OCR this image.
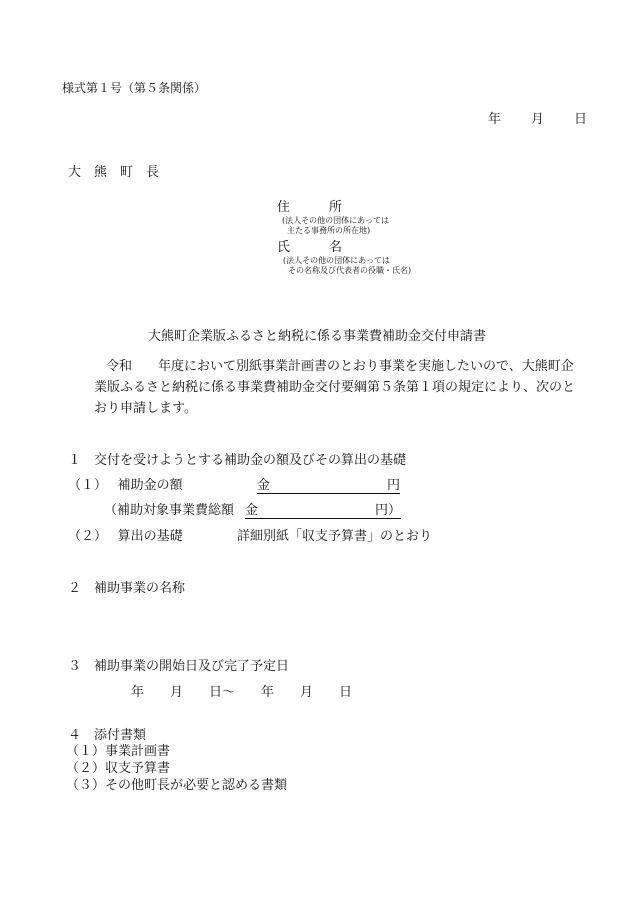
様式第１号（第５条関係）
年 月 日
大　熊　町　長
住　　　所
(法人その他の団体にあっては
主たる事務所の所在地)
氏　　　名
(法人その他の団体にあっては
その名称及び代表者の役職・氏名)
大熊町企業版ふるさと納税に係る事業費補助金交付申請書
令和　　年度において別紙事業計画書のとおり事業を実施したいので、大熊町企
業版ふるさと納税に係る事業費補助金交付要綱第５条第１項の規定により、次のと
おり申請します。
１　交付を受けようとする補助金の額及びその算出の基礎
（１）　 補助金の額	金　　　　　　　　　円
（補助対象事業費総額 金　　　　　　　　　円）
（２）　 算出の基礎	詳細別紙「収支予算書」のとおり
２　補助事業の名称
３　補助事業の開始日及び完了予定日
年　　月　　日～　　年　　月　　日
４　添付書類

（１）事業計画書

（２）収支予算書

（３）その他町長が必要と認める書類
